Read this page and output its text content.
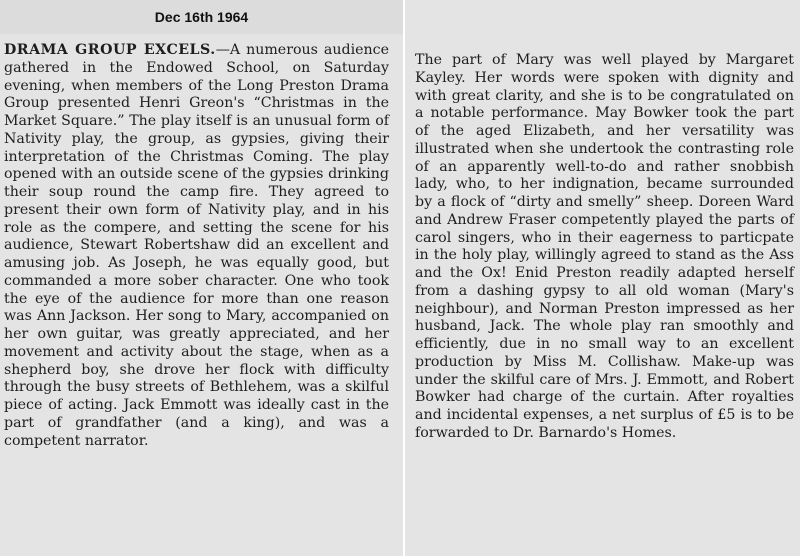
Dec 16th 1964

DRAMA GROUP EXCELS.—A numerous audience gathered in the Endowed School, on Saturday evening, when members of the Long Preston Drama Group presented Henri Greon's “Christmas in the Market Square.” The play itself is an unusual form of Nativity play, the group, as gypsies, giving their interpretation of the Christmas Coming. The play opened with an outside scene of the gypsies drinking their soup round the camp fire. They agreed to present their own form of Nativity play, and in his role as the compere, and setting the scene for his audience, Stewart Robertshaw did an excellent and amusing job. As Joseph, he was equally good, but commanded a more sober character. One who took the eye of the audience for more than one reason was Ann Jackson. Her song to Mary, accompanied on her own guitar, was greatly appreciated, and her movement and activity about the stage, when as a shepherd boy, she drove her flock with difficulty through the busy streets of Bethlehem, was a skilful piece of acting. Jack Emmott was ideally cast in the part of grandfather (and a king), and was a competent narrator.

The part of Mary was well played by Margaret Kayley. Her words were spoken with dignity and with great clarity, and she is to be congratulated on a notable performance. May Bowker took the part of the aged Elizabeth, and her versatility was illustrated when she undertook the contrasting role of an apparently well-to-do and rather snobbish lady, who, to her indignation, became surrounded by a flock of “dirty and smelly” sheep. Doreen Ward and Andrew Fraser competently played the parts of carol singers, who in their eagerness to particpate in the holy play, willingly agreed to stand as the Ass and the Ox! Enid Preston readily adapted herself from a dashing gypsy to all old woman (Mary's neighbour), and Norman Preston impressed as her husband, Jack. The whole play ran smoothly and efficiently, due in no small way to an excellent production by Miss M. Collishaw. Make-up was under the skilful care of Mrs. J. Emmott, and Robert Bowker had charge of the curtain. After royalties and incidental expenses, a net surplus of £5 is to be forwarded to Dr. Barnardo's Homes.
